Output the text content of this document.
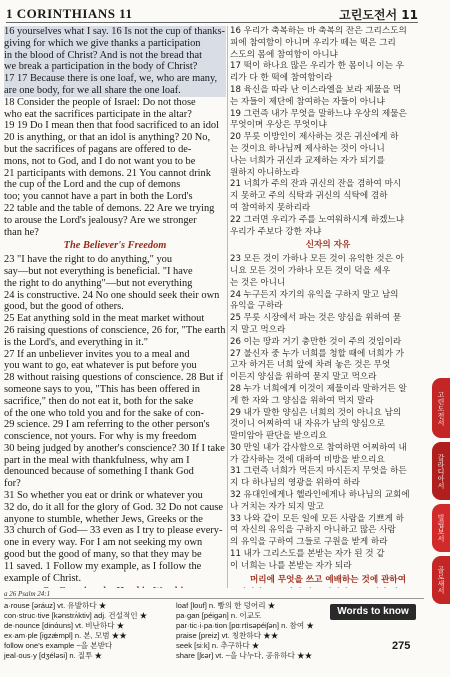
1 CORINTHIANS 11	고린도전서 11

16 yourselves what I say. 16 Is not the cup of thanks-

giving for which we give thanks a participation

in the blood of Christ? And is not the bread that

we break a participation in the body of Christ?

17 17 Because there is one loaf, we, who are many,

are one body, for we all share the one loaf.

18 Consider the people of Israel: Do not those

who eat the sacrifices participate in the altar?

19 19 Do I mean then that food sacrificed to an idol

20 is anything, or that an idol is anything? 20 No,

but the sacrifices of pagans are offered to de-

mons, not to God, and I do not want you to be

21 participants with demons. 21 You cannot drink

the cup of the Lord and the cup of demons

too; you cannot have a part in both the Lord's

22 table and the table of demons. 22 Are we trying

to arouse the Lord's jealousy? Are we stronger

than he?

The Believer's Freedom

23 "I have the right to do anything," you

say—but not everything is beneficial. "I have

the right to do anything"—but not everything

24 is constructive. 24 No one should seek their own

good, but the good of others.

25 Eat anything sold in the meat market without

26 raising questions of conscience, 26 for, "The earth

is the Lord's, and everything in it."

27 If an unbeliever invites you to a meal and

you want to go, eat whatever is put before you

28 without raising questions of conscience. 28 But if

someone says to you, "This has been offered in

sacrifice," then do not eat it, both for the sake

of the one who told you and for the sake of con-

29 science. 29 I am referring to the other person's

conscience, not yours. For why is my freedom

30 being judged by another's conscience? 30 If I take

part in the meal with thankfulness, why am I

denounced because of something I thank God

for?

31 So whether you eat or drink or whatever you

32 do, do it all for the glory of God. 32 Do not cause

anyone to stumble, whether Jews, Greeks or the

33 church of God— 33 even as I try to please every-

one in every way. For I am not seeking my own

good but the good of many, so that they may be

11 saved. 1 Follow my example, as I follow the

example of Christ.

16 우리가 축복하는 바 축복의 잔은 그리스도의

피에 참여함이 아니며 우리가 떼는 떡은 그리

스도의 몸에 참여함이 아니냐

17 떡이 하나요 많은 우리가 한 몸이니 이는 우

리가 다 한 떡에 참여함이라

18 육신을 따라 난 이스라엘을 보라 제물을 먹

는 자들이 제단에 참여하는 자들이 아니냐

19 그런즉 내가 무엇을 말하느냐 우상의 제물은

무엇이며 우상은 무엇이냐

20 무릇 이방인이 제사하는 것은 귀신에게 하

는 것이요 하나님께 제사하는 것이 아니니

나는 너희가 귀신과 교제하는 자가 되기를

원하지 아니하노라

21 너희가 주의 잔과 귀신의 잔을 겸하여 마시

지 못하고 주의 식탁과 귀신의 식탁에 겸하

여 참여하지 못하리라

22 그러면 우리가 주를 노여워하시게 하겠느냐

우리가 주보다 강한 자냐

신자의 자유

23 모든 것이 가하나 모든 것이 유익한 것은 아

니요 모든 것이 가하나 모든 것이 덕을 세우

는 것은 아니니

24 누구든지 자기의 유익을 구하지 말고 남의

유익을 구하라

25 무릇 시장에서 파는 것은 양심을 위하여 묻

지 말고 먹으라

26 이는 땅과 거기 충만한 것이 주의 것임이라

27 불신자 중 누가 너희를 청할 때에 너희가 가

고자 하거든 너희 앞에 차려 놓은 것은 무엇

이든지 양심을 위하여 묻지 말고 먹으라

28 누가 너희에게 이것이 제물이라 말하거든 알

게 한 자와 그 양심을 위하여 먹지 말라

29 내가 말한 양심은 너희의 것이 아니요 남의

것이니 어찌하여 내 자유가 남의 양심으로

말미암아 판단을 받으리요

30 만일 내가 감사함으로 참여하면 어찌하여 내

가 감사하는 것에 대하여 비방을 받으리요

31 그런즉 너희가 먹든지 마시든지 무엇을 하든

지 다 하나님의 영광을 위하여 하라

32 유대인에게나 헬라인에게나 하나님의 교회에

나 거치는 자가 되지 말고

33 나와 같이 모든 일에 모든 사람을 기쁘게 하

여 자신의 유익을 구하지 아니하고 많은 사람

의 유익을 구하여 그들로 구원을 받게 하라

11 내가 그리스도를 본받는 자가 된 것 같

이 너희는 나를 본받는 자가 되라

머리에 무엇을 쓰고 예배하는 것에 관하여

a 26 Psalm 24:1
a·rouse [əráuz] vt. 유발하다 ★
con·struc·tive [kənstrʌ́ktiv] adj. 건설적인 ★
de·nounce [dinάuns] vt. 비난하다 ★
ex·am·ple [igzǽmpl] n. 본, 모범 ★★
follow one's example ~을 본받다
jeal·ous·y [dʒéləsi] n. 질투 ★
loaf [louf] n. 빵의 한 덩어리 ★
pa·gan [péigən] n. 이교도
par·tic·i·pa·tion [pɑːrtìsəpéiʃən] n. 참여 ★
praise [preiz] vt. 칭찬하다 ★★
seek [siːk] n. 추구하다 ★
share [ʃɛər] vt. ~을 나누다, 공유하다 ★★
Words to know
275
고린도전서
갈라디아서
빌립보서
골로새서
